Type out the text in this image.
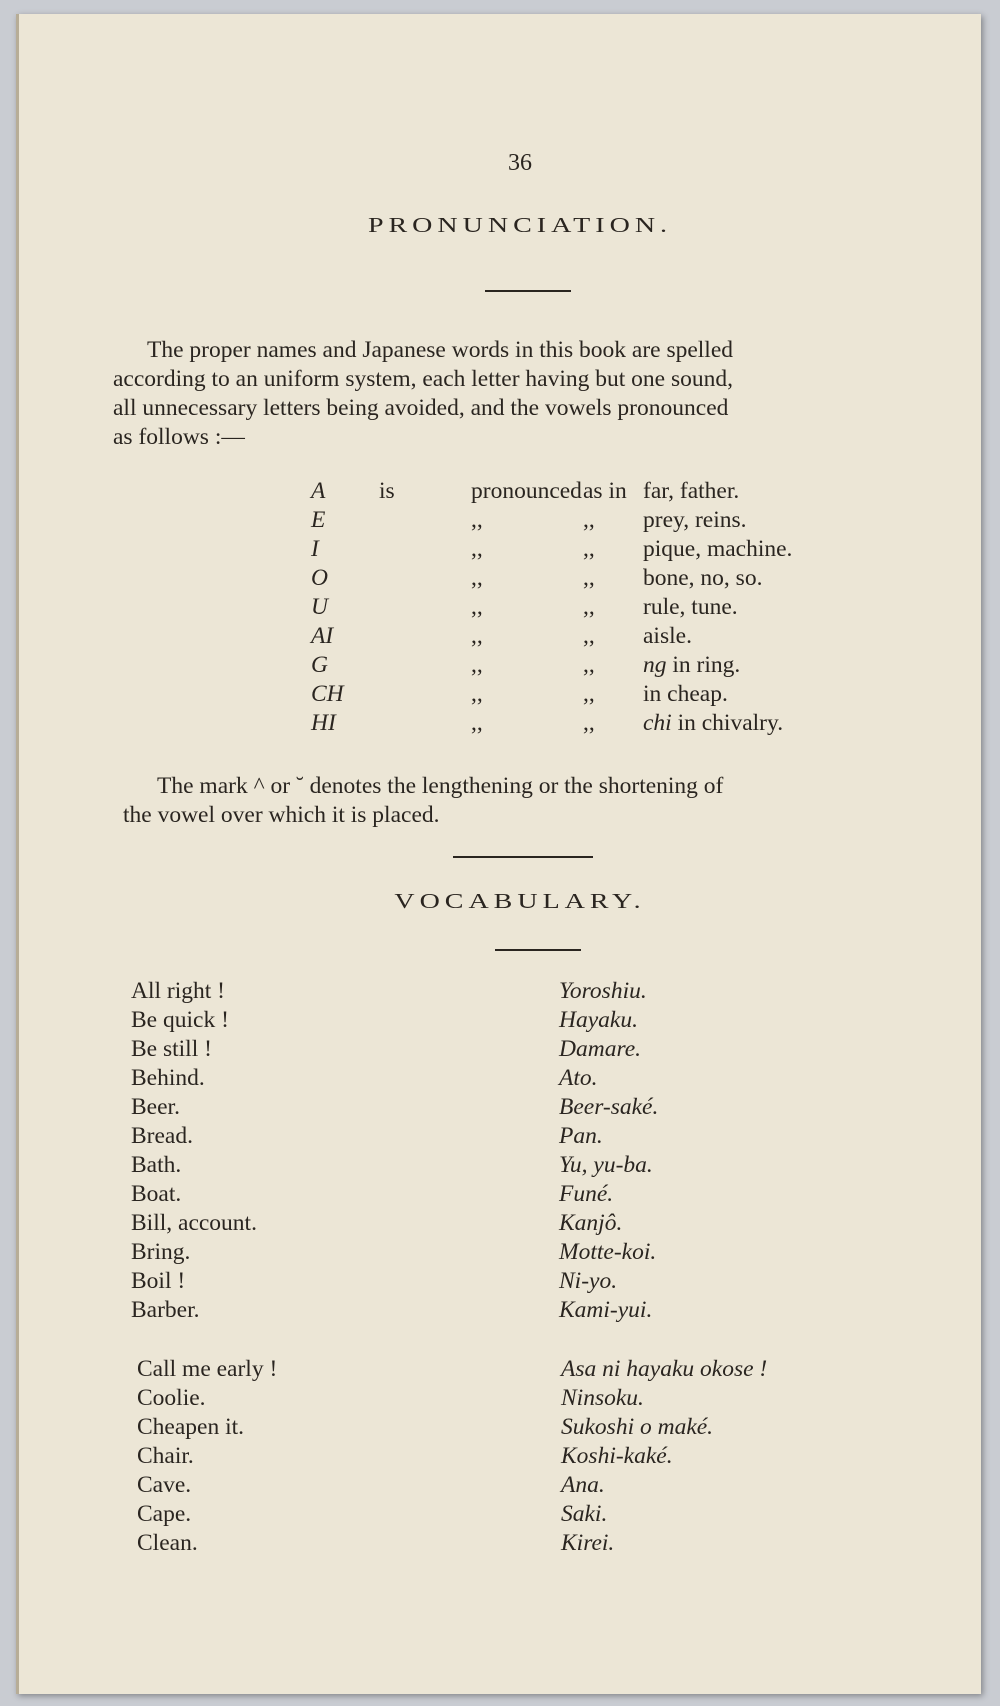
36
PRONUNCIATION.
The proper names and Japanese words in this book are spelled
according to an uniform system, each letter having but one sound,
all unnecessary letters being avoided, and the vowels pronounced
as follows :—
A is	pronounced as in far, father.
E	,,	,, prey, reins.
I	,,	,, pique, machine.
O	,,	,, bone, no, so.
U	,,	,, rule, tune.
AI	,,	,, aisle.
G	,,	,, ng in ring.
CH	,,	,, in cheap.
HI	,,	,, chi in chivalry.
The mark ^ or ˘ denotes the lengthening or the shortening of
the vowel over which it is placed.
VOCABULARY.
All right !	Yoroshiu.
Be quick !	Hayaku.
Be still !	Damare.
Behind.	Ato.
Beer.	Beer-saké.
Bread.	Pan.
Bath.	Yu, yu-ba.
Boat.	Funé.
Bill, account.	Kanjô.
Bring.	Motte-koi.
Boil !	Ni-yo.
Barber.	Kami-yui.
Call me early !	Asa ni hayaku okose !
Coolie.	Ninsoku.
Cheapen it.	Sukoshi o maké.
Chair.	Koshi-kaké.
Cave.	Ana.
Cape.	Saki.
Clean.	Kirei.
